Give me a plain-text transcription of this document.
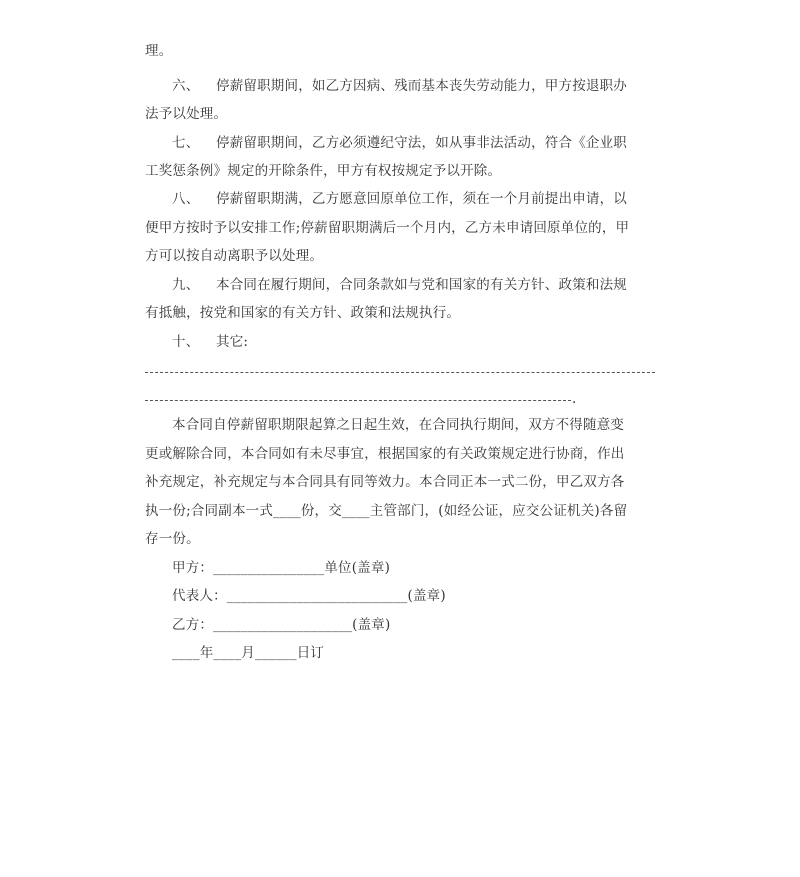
理。
六、 停薪留职期间，如乙方因病、残而基本丧失劳动能力，甲方按退职办
法予以处理。
七、 停薪留职期间，乙方必须遵纪守法，如从事非法活动，符合《企业职
工奖惩条例》规定的开除条件，甲方有权按规定予以开除。
八、 停薪留职期满，乙方愿意回原单位工作，须在一个月前提出申请，以
便甲方按时予以安排工作;停薪留职期满后一个月内，乙方未申请回原单位的，甲
方可以按自动离职予以处理。
九、 本合同在履行期间，合同条款如与党和国家的有关方针、政策和法规
有抵触，按党和国家的有关方针、政策和法规执行。
十、 其它:
.
本合同自停薪留职期限起算之日起生效，在合同执行期间，双方不得随意变
更或解除合同，本合同如有未尽事宜，根据国家的有关政策规定进行协商，作出
补充规定，补充规定与本合同具有同等效力。本合同正本一式二份，甲乙双方各
执一份;合同副本一式____份，交____主管部门，(如经公证，应交公证机关)各留
存一份。
甲方：________________单位(盖章)
代表人：__________________________(盖章)
乙方：____________________(盖章)
____年____月______日订
